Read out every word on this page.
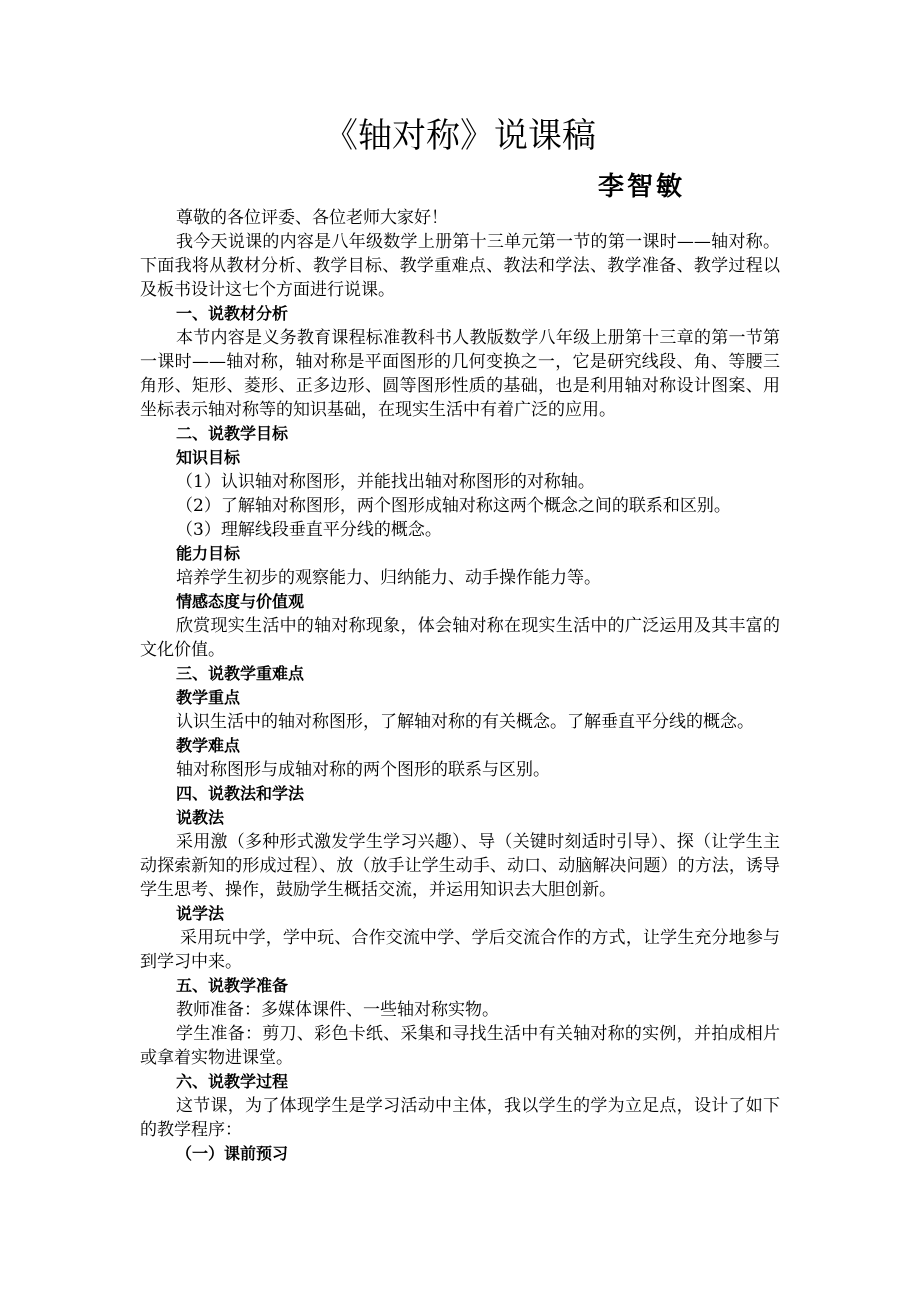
《轴对称》说课稿
李智敏

尊敬的各位评委、各位老师大家好！

我今天说课的内容是八年级数学上册第十三单元第一节的第一课时——轴对称。下面我将从教材分析、教学目标、教学重难点、教法和学法、教学准备、教学过程以及板书设计这七个方面进行说课。

一、说教材分析

本节内容是义务教育课程标准教科书人教版数学八年级上册第十三章的第一节第一课时——轴对称，轴对称是平面图形的几何变换之一，它是研究线段、角、等腰三角形、矩形、菱形、正多边形、圆等图形性质的基础，也是利用轴对称设计图案、用坐标表示轴对称等的知识基础，在现实生活中有着广泛的应用。

二、说教学目标

知识目标

（1）认识轴对称图形，并能找出轴对称图形的对称轴。

（2）了解轴对称图形，两个图形成轴对称这两个概念之间的联系和区别。

（3）理解线段垂直平分线的概念。

能力目标

培养学生初步的观察能力、归纳能力、动手操作能力等。

情感态度与价值观

欣赏现实生活中的轴对称现象，体会轴对称在现实生活中的广泛运用及其丰富的文化价值。

三、说教学重难点

教学重点

认识生活中的轴对称图形，了解轴对称的有关概念。了解垂直平分线的概念。

教学难点

轴对称图形与成轴对称的两个图形的联系与区别。

四、说教法和学法

说教法

采用激（多种形式激发学生学习兴趣）、导（关键时刻适时引导）、探（让学生主动探索新知的形成过程）、放（放手让学生动手、动口、动脑解决问题）的方法，诱导学生思考、操作，鼓励学生概括交流，并运用知识去大胆创新。

说学法

采用玩中学，学中玩、合作交流中学、学后交流合作的方式，让学生充分地参与到学习中来。

五、说教学准备

教师准备：多媒体课件、一些轴对称实物。

学生准备：剪刀、彩色卡纸、采集和寻找生活中有关轴对称的实例，并拍成相片或拿着实物进课堂。

六、说教学过程

这节课，为了体现学生是学习活动中主体，我以学生的学为立足点，设计了如下的教学程序：

（一）课前预习
